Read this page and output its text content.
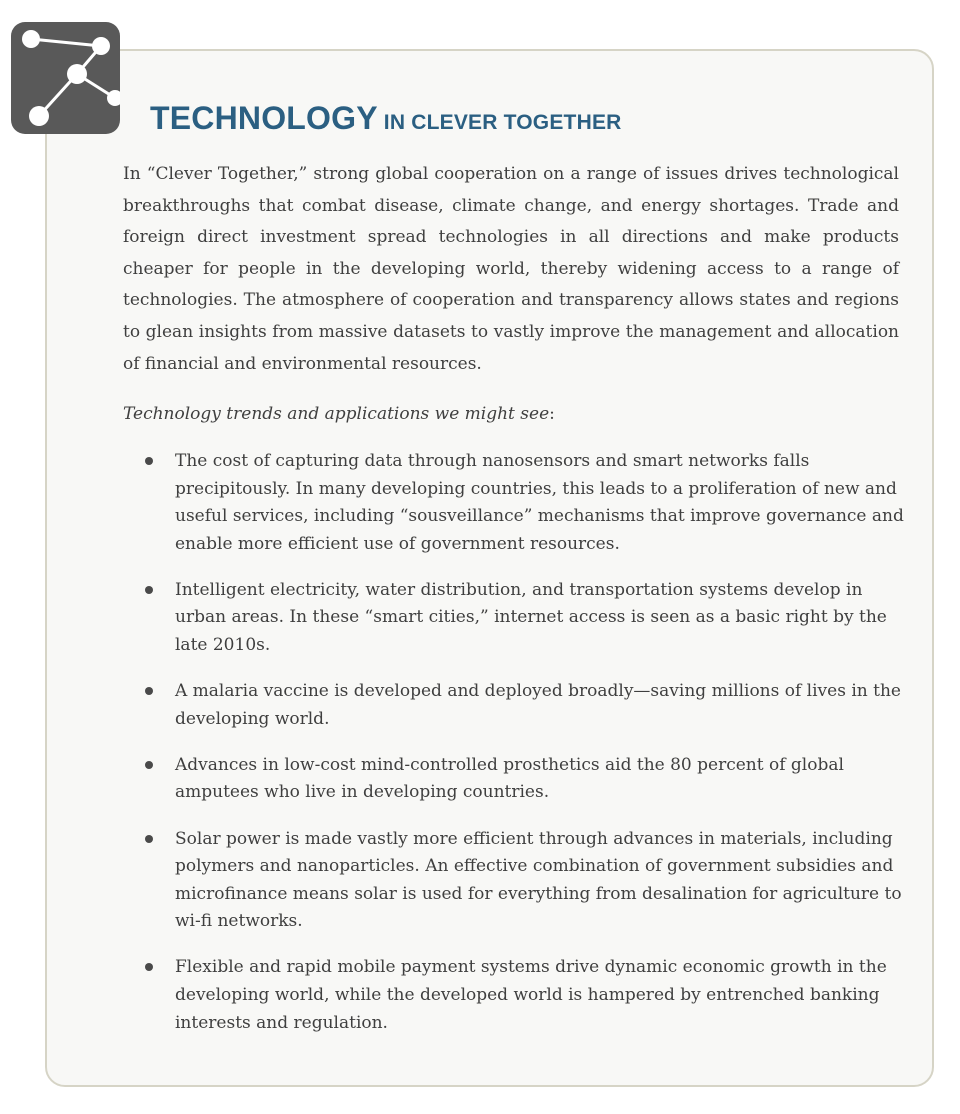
TECHNOLOGY IN CLEVER TOGETHER

In “Clever Together,” strong global cooperation on a range of issues drives technological breakthroughs that combat disease, climate change, and energy shortages. Trade and foreign direct investment spread technologies in all directions and make products cheaper for people in the developing world, thereby widening access to a range of technologies. The atmosphere of cooperation and transparency allows states and regions to glean insights from massive datasets to vastly improve the management and allocation of financial and environmental resources.

Technology trends and applications we might see:

The cost of capturing data through nanosensors and smart networks falls precipitously. In many developing countries, this leads to a proliferation of new and useful services, including “sousveillance” mechanisms that improve governance and enable more efficient use of government resources.
Intelligent electricity, water distribution, and transportation systems develop in urban areas. In these “smart cities,” internet access is seen as a basic right by the late 2010s.
A malaria vaccine is developed and deployed broadly—saving millions of lives in the developing world.
Advances in low-cost mind-controlled prosthetics aid the 80 percent of global amputees who live in developing countries.
Solar power is made vastly more efficient through advances in materials, including polymers and nanoparticles. An effective combination of government subsidies and microfinance means solar is used for everything from desalination for agriculture to wi-fi networks.
Flexible and rapid mobile payment systems drive dynamic economic growth in the developing world, while the developed world is hampered by entrenched banking interests and regulation.
